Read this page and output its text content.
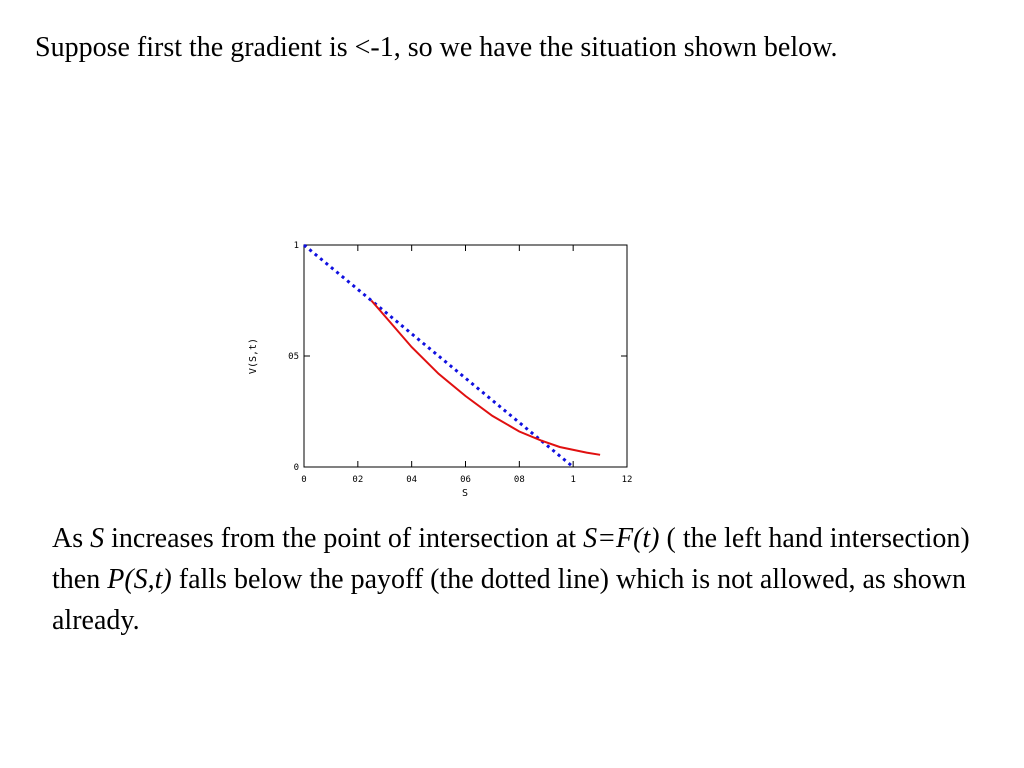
Suppose first the gradient is <-1, so we have the situation shown below.
0	02	04	06	08	1	12
0
05
1
S
V(S,t)
As S increases from the point of intersection at S=F(t) ( the left hand intersection) then P(S,t) falls below the payoff (the dotted line) which is not allowed, as shown already.
